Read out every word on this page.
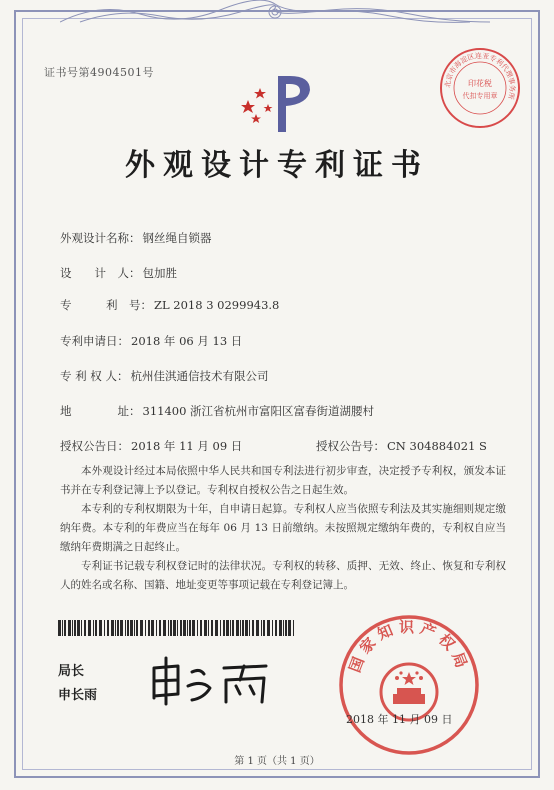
证书号第4904501号
北京市海淀区连亚专利代理事务所
印花税
代扣专用章
外观设计专利证书
外观设计名称： 钢丝绳自锁器
设　　计　人： 包加胜
专　　　利　号： ZL 2018 3 0299943.8
专利申请日： 2018 年 06 月 13 日
专 利 权 人： 杭州佳淇通信技术有限公司
地　　　　址： 311400 浙江省杭州市富阳区富春街道湖腰村
授权公告日： 2018 年 11 月 09 日	授权公告号： CN 304884021 S
本外观设计经过本局依照中华人民共和国专利法进行初步审查，决定授予专利权，颁发本证书并在专利登记簿上予以登记。专利权自授权公告之日起生效。
本专利的专利权期限为十年，自申请日起算。专利权人应当依照专利法及其实施细则规定缴纳年费。本专利的年费应当在每年 06 月 13 日前缴纳。未按照规定缴纳年费的，专利权自应当缴纳年费期满之日起终止。
专利证书记载专利权登记时的法律状况。专利权的转移、质押、无效、终止、恢复和专利权人的姓名或名称、国籍、地址变更等事项记载在专利登记簿上。
局长
申长雨
国家知识产权局
2018 年 11 月 09 日
第 1 页（共 1 页）
